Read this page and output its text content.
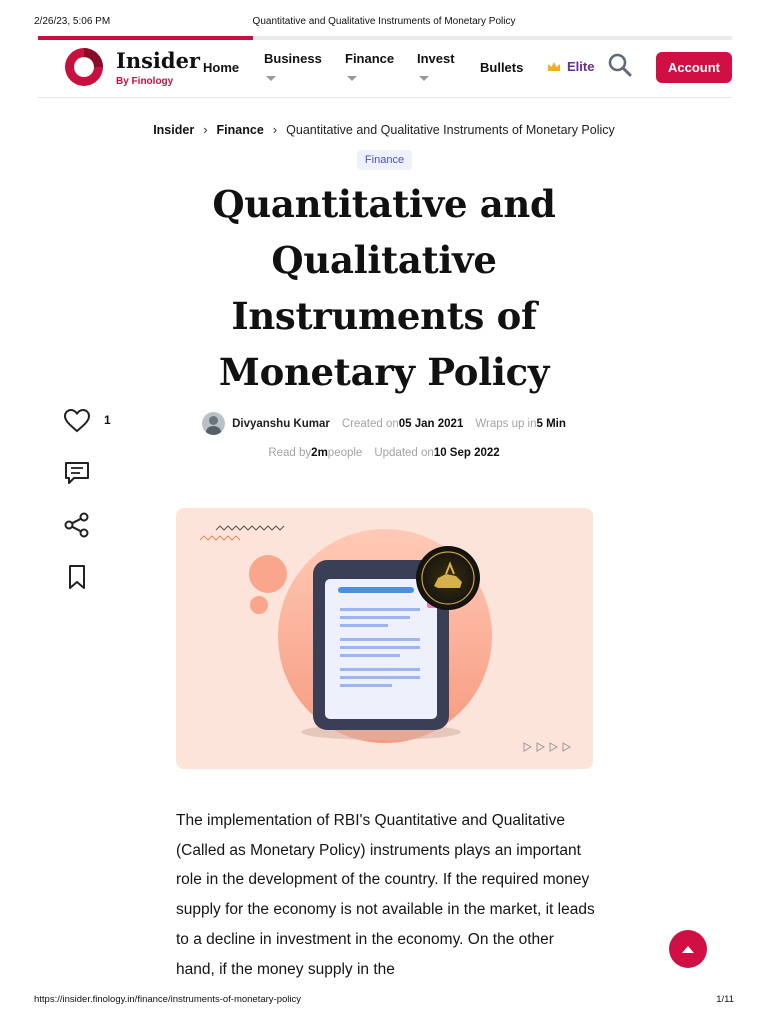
2/26/23, 5:06 PM	Quantitative and Qualitative Instruments of Monetary Policy
Insider
By Finology
Home
Business Finance Invest
Bullets	Elite	Account
Insider › Finance › Quantitative and Qualitative Instruments of Monetary Policy
Finance
Quantitative and Qualitative Instruments of Monetary Policy
Divyanshu Kumar Created on 05 Jan 2021 Wraps up in 5 Min
Read by 2m people Updated on 10 Sep 2022
1

The implementation of RBI's Quantitative and Qualitative (Called as Monetary Policy) instruments plays an important role in the development of the country. If the required money supply for the economy is not available in the market, it leads to a decline in investment in the economy. On the other hand, if the money supply in the

https://insider.finology.in/finance/instruments-of-monetary-policy	1/11
